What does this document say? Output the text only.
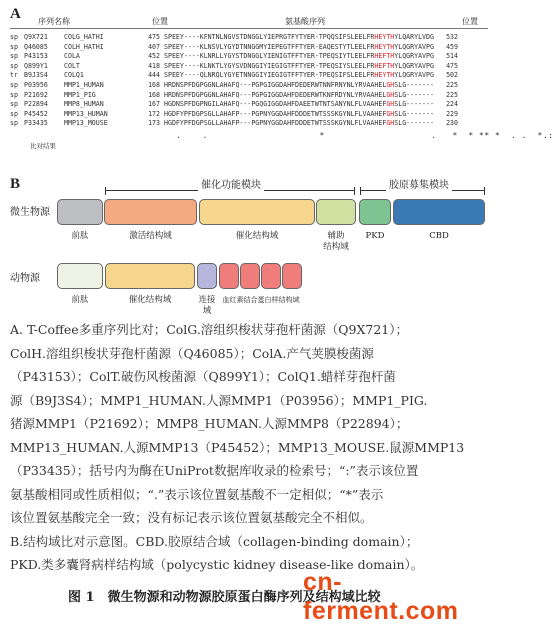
A 序列名称	位置	氨基酸序列	位置
sp Q9X721	COLG_HATHI	475 SPEEY----KFNTNLNGVSTDNGGLYIEPRGTFYTYER-TPQQSIFSLEELFRHEYTHYLQARYLVDG	532
sp Q46085	COLH_HATHI	407 SPEEY----KLNSVLYGYDTNNGGMYIEPEGTFFTYER-EAQESTYTLEELFRHEYTHYLQGRYAVPG	459
sp P43153	COLA	452 SPEEY----KLNRLLYGYSTDNGGLYIENIGTFFTYER-TPEQSIYTLEELFRHEFTHYLQGRYAVPG	514
sp Q899Y1	COLT	418 SPEEY----KLNKTLYGYSVDNGGIYIEGIGTFFTYER-TPEQSIYSLEELFRHEFTHYLQGRYAVPG	475
tr B9J3S4	COLQ1	444 SPEEY----QLNRQLYGYETNNGGIYIEGIGTFFTYER-TPEQSIFSLEELFRHEYTHYLQGRYAVPG	502
sp P03956	MMP1_HUMAN	168 HRDNSPFDGPGGNLAHAFQ---PGPGIGGDAHFDEDERWTNNFRNYNLYRVAAHELGHSLG-------	225
sp P21692	MMP1_PIG	168 HRDNSPFDGPGGNLAHAFQ---PGPGIGGDAHFDEDERWTKNFRDYNLYRVAAHELGHSLG-------	225
sp P22894	MMP8_HUMAN	167 HGDNSPFDGPNGILAHAFQ---PGQGIGGDAHFDAEETWTNTSANYNLFLVAAHEFGHSLG-------	224
sp P45452	MMP13_HUMAN	172 HGDFYPFDGPSGLLAHAFP---PGPNYGGDAHFDDDETWTSSSKGYNLFLVAAHEFGHSLG-------	229
sp P33435	MMP13_MOUSE	173 HGDFYPFDGPSGLLAHAFP---PGPNYGGDAHFDDDETWTSSSKGYNLFLVAAHEFGHSLG-------	230
比对结果
.    .                     *                    .   *  * ** *  . .  *.:
B	催化功能模块	胶原募集模块
微生物源
前肽	激活结构域	催化结构域	辅助
结构域
PKD	CBD
动物源
前肽	催化结构域	连接域
血红素结合蛋白样结构域
A. T-Coffee多重序列比对；ColG.溶组织梭状芽孢杆菌源（Q9X721）；
ColH.溶组织梭状芽孢杆菌源（Q46085）；ColA.产气荚膜梭菌源
（P43153）；ColT.破伤风梭菌源（Q899Y1）；ColQ1.蜡样芽孢杆菌
源（B9J3S4）；MMP1_HUMAN.人源MMP1（P03956）；MMP1_PIG.
猪源MMP1（P21692）；MMP8_HUMAN.人源MMP8（P22894）；
MMP13_HUMAN.人源MMP13（P45452）；MMP13_MOUSE.鼠源MMP13
（P33435）；括号内为酶在UniProt数据库收录的检索号；“:”表示该位置
氨基酸相同或性质相似；“.”表示该位置氨基酸不一定相似；“*”表示
该位置氨基酸完全一致；没有标记表示该位置氨基酸完全不相似。
B.结构域比对示意图。CBD.胶原结合域（collagen-binding domain）；
PKD.类多囊肾病样结构域（polycystic kidney disease-like domain）。
图 1　微生物源和动物源胶原蛋白酶序列及结构域比较
cn-ferment.com
